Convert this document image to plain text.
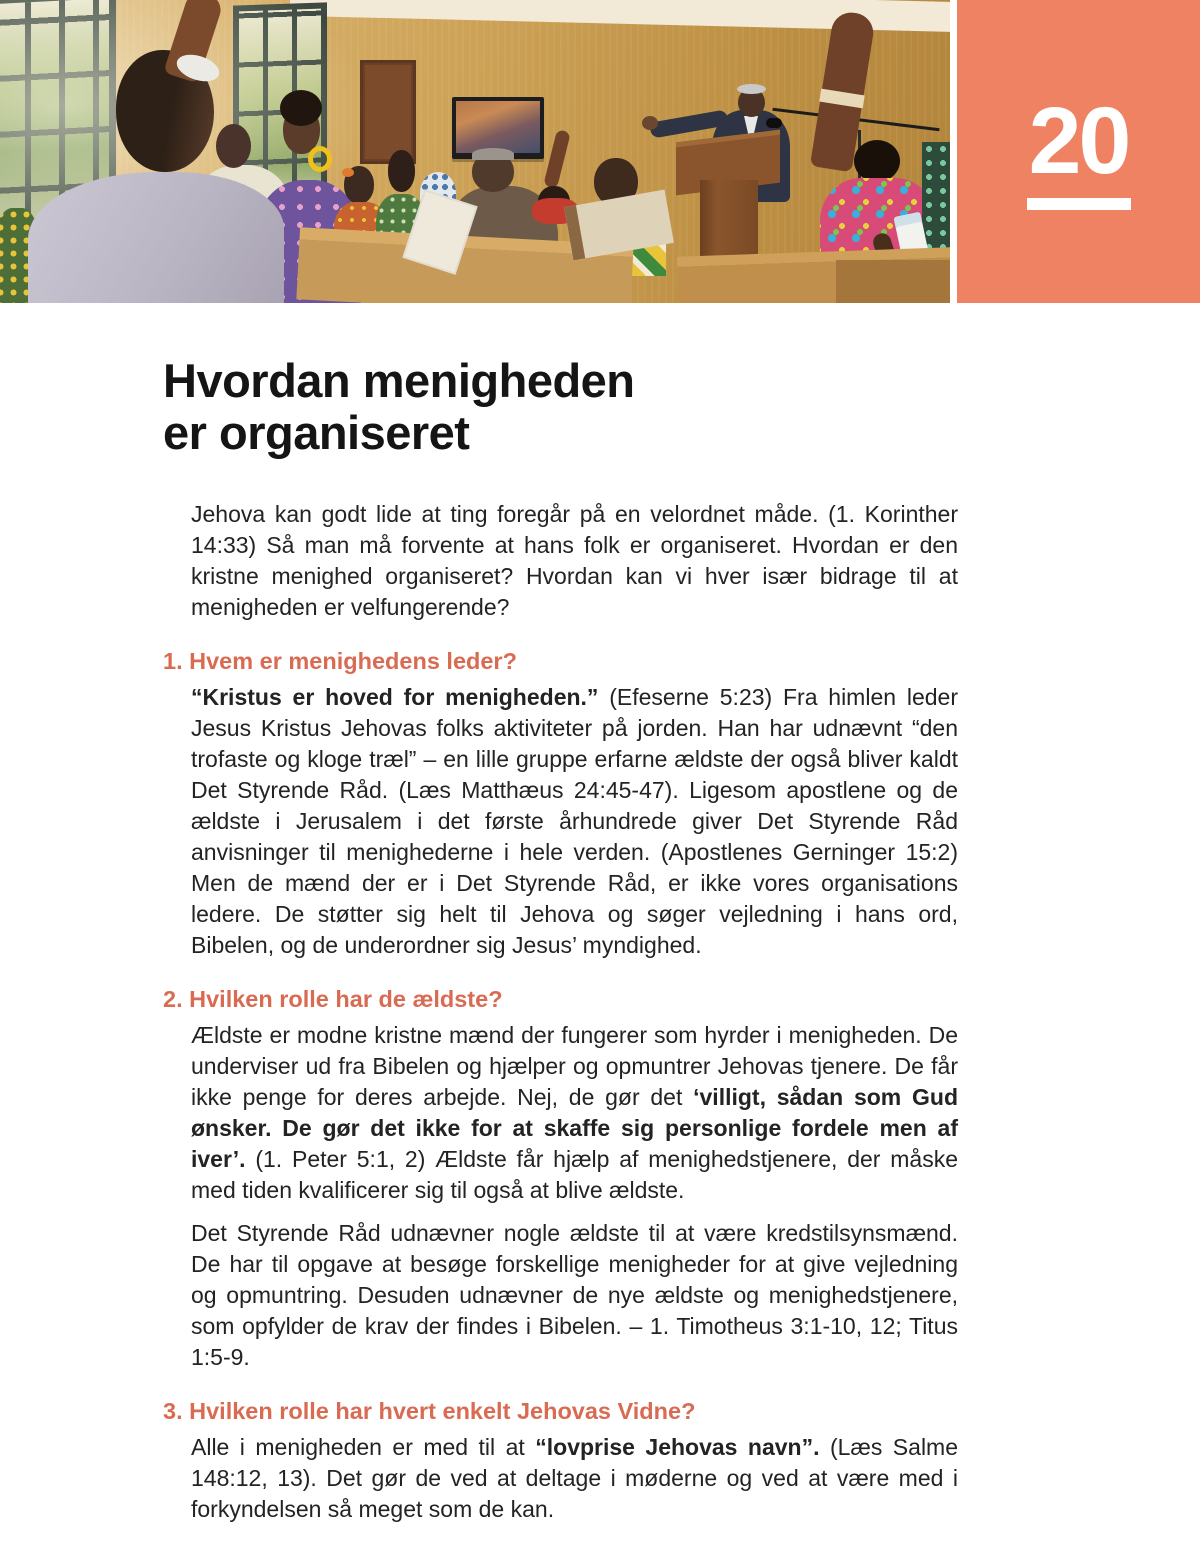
20
Hvordan menigheden
er organiseret

Jehova kan godt lide at ting foregår på en velordnet måde. (1. Korinther 14:33) Så man må forvente at hans folk er organiseret. Hvordan er den kristne menighed organiseret? Hvordan kan vi hver især bidrage til at menigheden er velfungerende?

1. Hvem er menighedens leder?

“Kristus er hoved for menigheden.” (Efeserne 5:23) Fra himlen leder Jesus Kristus Jehovas folks aktiviteter på jorden. Han har udnævnt “den trofaste og kloge træl” – en lille gruppe erfarne ældste der også bliver kaldt Det Styrende Råd. (Læs Matthæus 24:45-47). Ligesom apostlene og de ældste i Jerusalem i det første århundrede giver Det Styrende Råd anvisninger til menighederne i hele verden. (Apostlenes Gerninger 15:2) Men de mænd der er i Det Styrende Råd, er ikke vores organisations ledere. De støtter sig helt til Jehova og søger vejledning i hans ord, Bibelen, og de underordner sig Jesus’ myndighed.

2. Hvilken rolle har de ældste?

Ældste er modne kristne mænd der fungerer som hyrder i menigheden. De underviser ud fra Bibelen og hjælper og opmuntrer Jehovas tjenere. De får ikke penge for deres arbejde. Nej, de gør det ‘villigt, sådan som Gud ønsker. De gør det ikke for at skaffe sig personlige fordele men af iver’. (1. Peter 5:1, 2) Ældste får hjælp af menighedstjenere, der måske med tiden kvalificerer sig til også at blive ældste.

Det Styrende Råd udnævner nogle ældste til at være kredstilsynsmænd. De har til opgave at besøge forskellige menigheder for at give vejledning og opmuntring. Desuden udnævner de nye ældste og menighedstjenere, som opfylder de krav der findes i Bibelen. – 1. Timotheus 3:1-10, 12; Titus 1:5-9.

3. Hvilken rolle har hvert enkelt Jehovas Vidne?

Alle i menigheden er med til at “lovprise Jehovas navn”. (Læs Salme 148:12, 13). Det gør de ved at deltage i møderne og ved at være med i forkyndelsen så meget som de kan.
